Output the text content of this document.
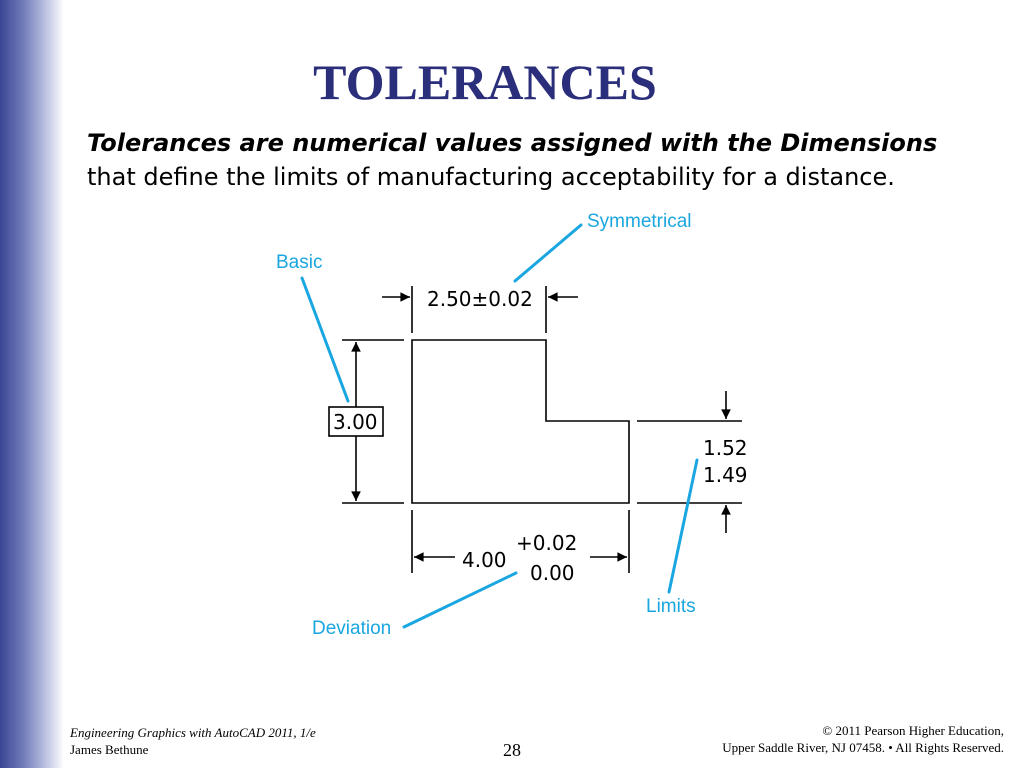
TOLERANCES
Tolerances are numerical values assigned with the Dimensions that define the limits of manufacturing acceptability for a distance.
2.50±0.02
3.00
1.52
1.49
4.00
+0.02
0.00
Symmetrical
Basic
Deviation
Limits
Engineering Graphics with AutoCAD 2011, 1/e
James Bethune	28
© 2011 Pearson Higher Education,
Upper Saddle River, NJ 07458. • All Rights Reserved.
